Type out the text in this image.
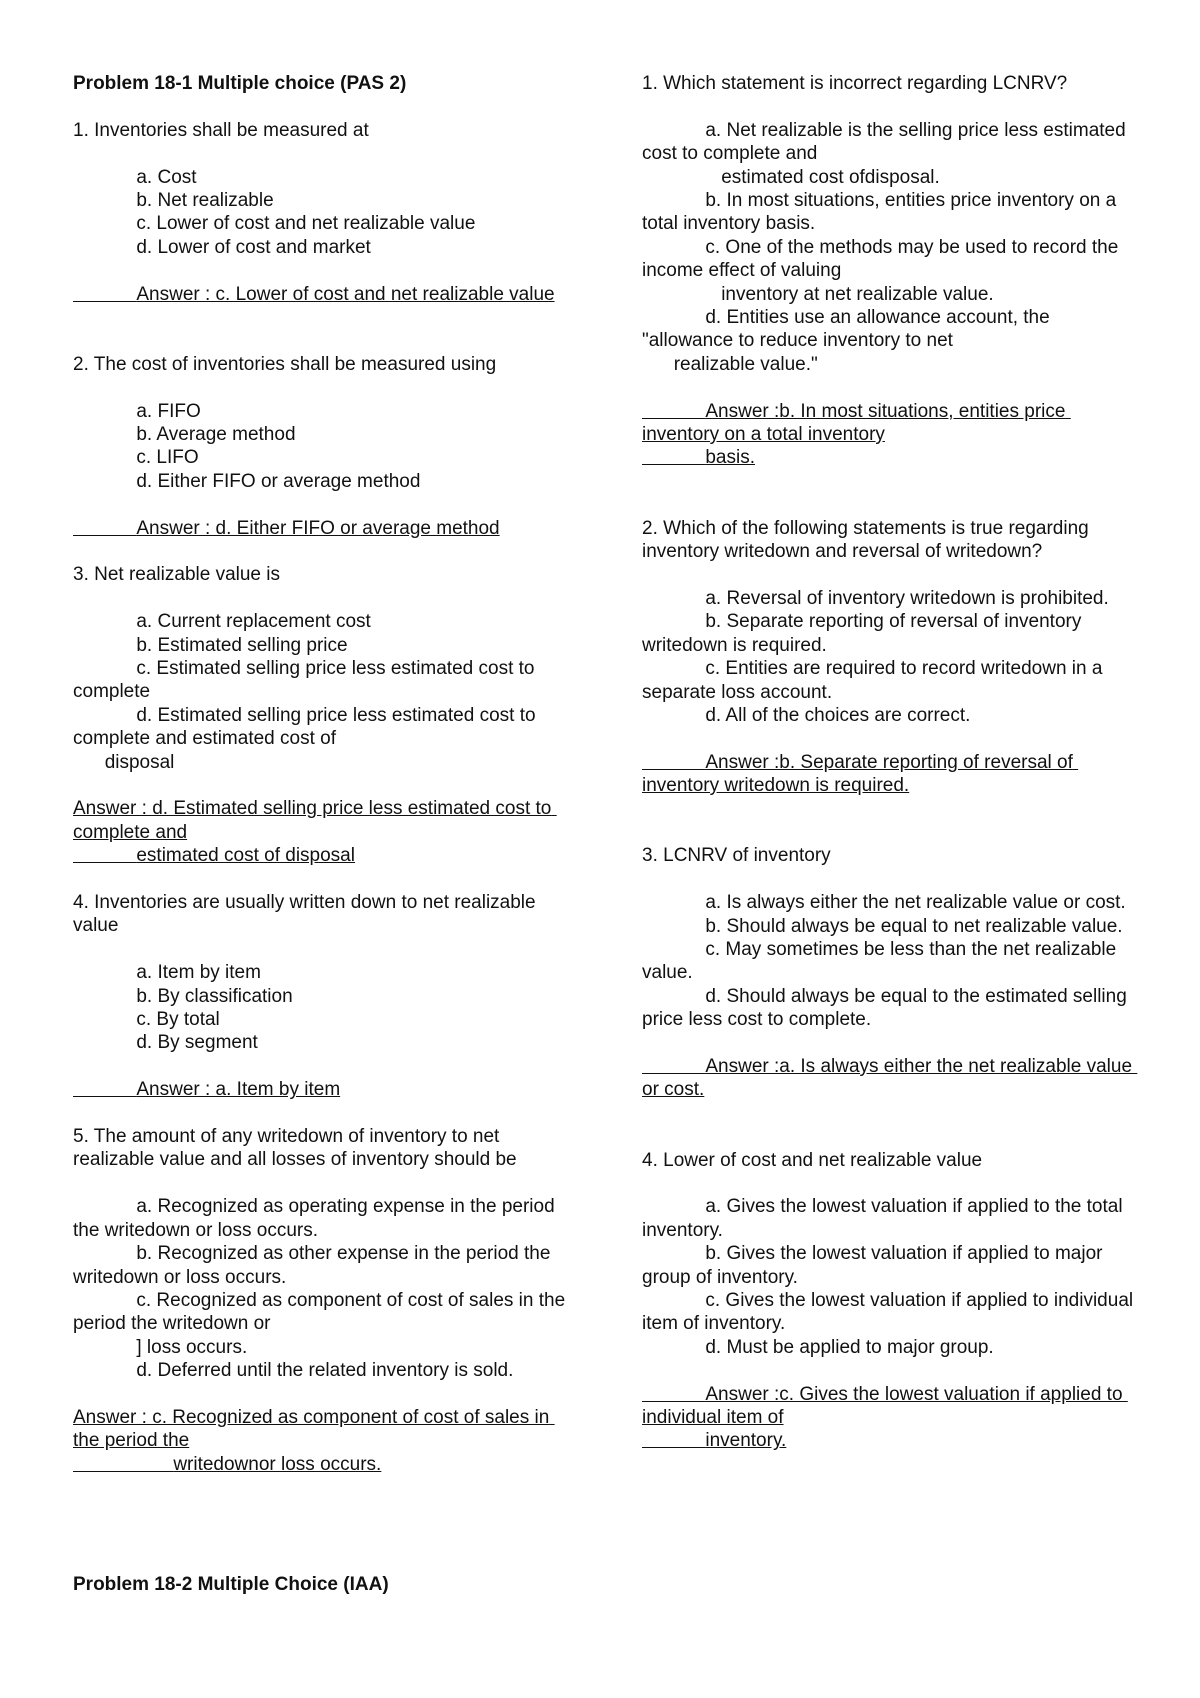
Problem 18-1 Multiple choice (PAS 2)

1. Inventories shall be measured at

a. Cost

b. Net realizable

c. Lower of cost and net realizable value

d. Lower of cost and market

Answer : c. Lower of cost and net realizable value

2. The cost of inventories shall be measured using

a. FIFO

b. Average method

c. LIFO

d. Either FIFO or average method

Answer : d. Either FIFO or average method

3. Net realizable value is

a. Current replacement cost

b. Estimated selling price

c. Estimated selling price less estimated cost to complete

d. Estimated selling price less estimated cost to complete and estimated cost of
disposal

Answer : d. Estimated selling price less estimated cost to complete and
estimated cost of disposal

4. Inventories are usually written down to net realizable value

a. Item by item

b. By classification

c. By total

d. By segment

Answer : a. Item by item

5. The amount of any writedown of inventory to net realizable value and all losses of inventory should be

a. Recognized as operating expense in the period the writedown or loss occurs.

b. Recognized as other expense in the period the writedown or loss occurs.

c. Recognized as component of cost of sales in the period the writedown or
] loss occurs.

d. Deferred until the related inventory is sold.

Answer : c. Recognized as component of cost of sales in the period the
writedownor loss occurs.

1. Which statement is incorrect regarding LCNRV?

a. Net realizable is the selling price less estimated cost to complete and
estimated cost ofdisposal.

b. In most situations, entities price inventory on a total inventory basis.

c. One of the methods may be used to record the income effect of valuing
inventory at net realizable value.

d. Entities use an allowance account, the "allowance to reduce inventory to net
realizable value."

Answer :b. In most situations, entities price inventory on a total inventory
basis.

2. Which of the following statements is true regarding inventory writedown and reversal of writedown?

a. Reversal of inventory writedown is prohibited.

b. Separate reporting of reversal of inventory writedown is required.

c. Entities are required to record writedown in a separate loss account.

d. All of the choices are correct.

Answer :b. Separate reporting of reversal of inventory writedown is required.

3. LCNRV of inventory

a. Is always either the net realizable value or cost.

b. Should always be equal to net realizable value.

c. May sometimes be less than the net realizable value.

d. Should always be equal to the estimated selling price less cost to complete.

Answer :a. Is always either the net realizable value or cost.

4. Lower of cost and net realizable value

a. Gives the lowest valuation if applied to the total inventory.

b. Gives the lowest valuation if applied to major group of inventory.

c. Gives the lowest valuation if applied to individual item of inventory.

d. Must be applied to major group.

Answer :c. Gives the lowest valuation if applied to individual item of
inventory.

Problem 18-2 Multiple Choice (IAA)
